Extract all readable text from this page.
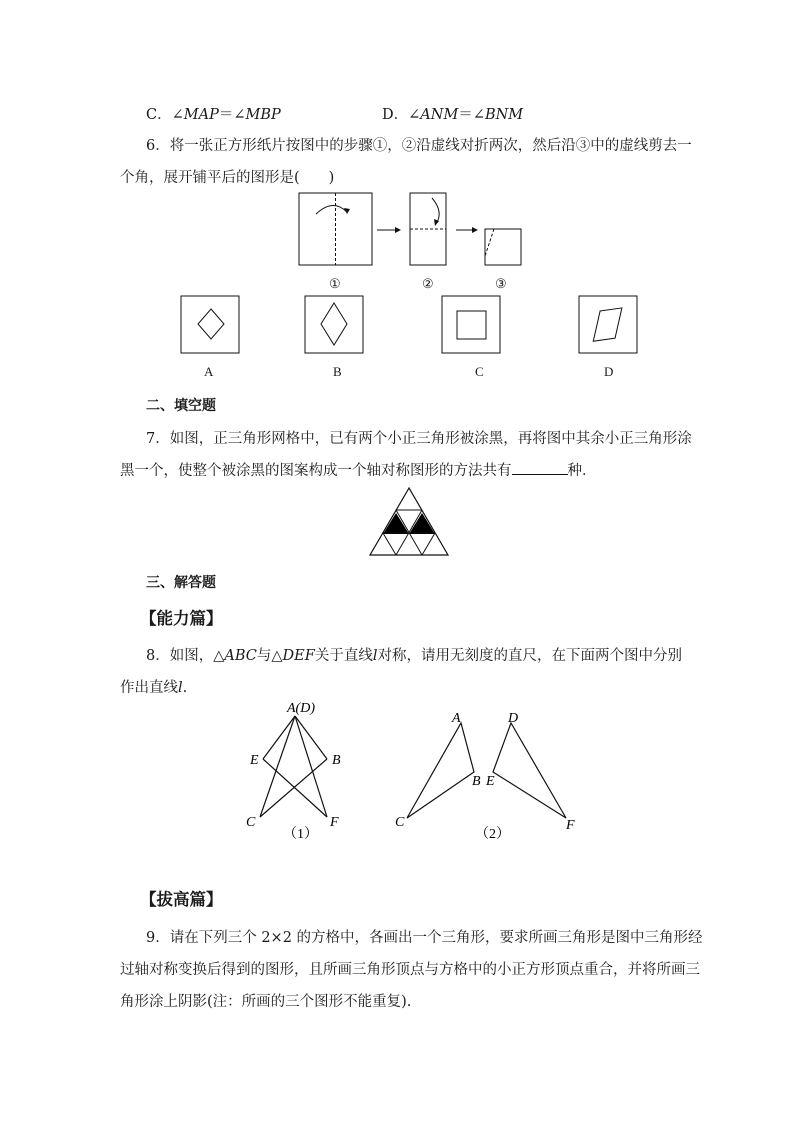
C．∠MAP＝∠MBP	D．∠ANM＝∠BNM
6．将一张正方形纸片按图中的步骤①，②沿虚线对折两次，然后沿③中的虚线剪去一
个角，展开铺平后的图形是(　　)
①	②	③
A	B	C	D
二、填空题
7．如图，正三角形网格中，已有两个小正三角形被涂黑，再将图中其余小正三角形涂
黑一个，使整个被涂黑的图案构成一个轴对称图形的方法共有	种．
三、解答题
【能力篇】
8．如图，△ABC与△DEF关于直线l对称，请用无刻度的直尺，在下面两个图中分别
作出直线l.
A(D)
E	B
C	F
（1）
A
B
C
D
E
F
（2）
【拔高篇】
9．请在下列三个 2×2 的方格中，各画出一个三角形，要求所画三角形是图中三角形经
过轴对称变换后得到的图形，且所画三角形顶点与方格中的小正方形顶点重合，并将所画三
角形涂上阴影(注：所画的三个图形不能重复).
